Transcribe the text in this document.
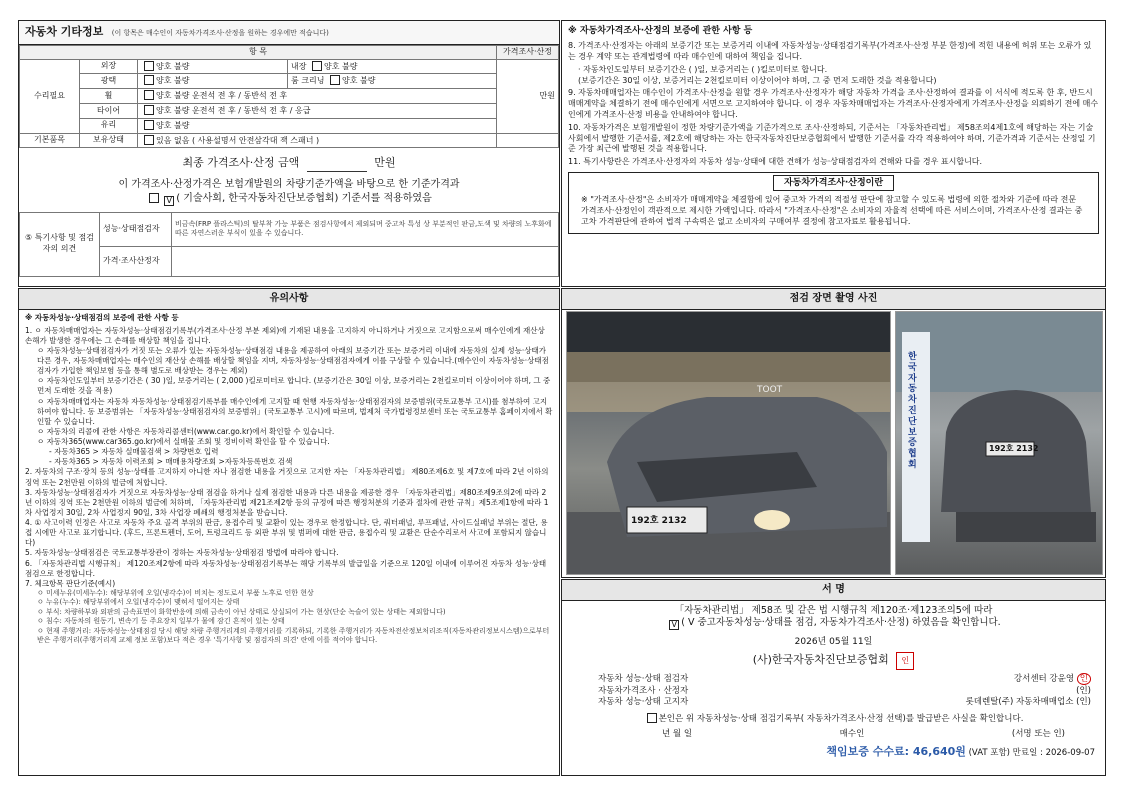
자동차 기타정보 (이 항목은 매수인이 자동차가격조사·산정을 원하는 경우에만 적습니다)
항 목				가격조사·산정
수리필요	외장	양호 불량	내장 양호 불량	만원
	광택	양호 불량	룸 크리닝 양호 불량	
	휠	양호 불량 운전석 전 후 / 동반석 전 후		
	타이어	양호 불량 운전석 전 후 / 동반석 전 후 / 응급		
	유리	양호 불량		
기본품목	보유상태	있음 없음 ( 사용설명서 안전삼각대 잭 스패너 )		
최종 가격조사·산정 금액	만원
이 가격조사·산정가격은 보험개발원의 차량기준가액을 바탕으로 한 기준가격과
V ( 기술사회, 한국자동차진단보증협회) 기준서를 적용하였음
⑤ 특기사항 및 점검자의 의견	성능·상태점검자	비금속(FRP 플라스틱)의 탈부착 가능 부품은 점검사항에서 제외되며 중고차 특성 상 부분적인 판금,도색 및 차량의 노후화에 따른 자연스러운 부식이 있을 수 있습니다.
	가격·조사산정자	
※ 자동차가격조사·산정의 보증에 관한 사항 등

8. 가격조사·산정자는 아래의 보증기간 또는 보증거리 이내에 자동차성능·상태점검기록부(가격조사·산정 부분 한정)에 적힌 내용에 허위 또는 오류가 있는 경우 계약 또는 관계법령에 따라 매수인에 대하여 책임을 집니다.

· 자동차인도일부터 보증기간은 ( )일, 보증거리는 ( )킬로미터로 합니다.

(보증기간은 30일 이상, 보증거리는 2천킬로미터 이상이어야 하며, 그 중 먼저 도래한 것을 적용합니다)

9. 자동차매매업자는 매수인이 가격조사·산정을 원할 경우 가격조사·산정자가 해당 자동차 가격을 조사·산정하여 결과를 이 서식에 적도록 한 후, 반드시 매매계약을 체결하기 전에 매수인에게 서면으로 고지하여야 합니다. 이 경우 자동차매매업자는 가격조사·산정자에게 가격조사·산정을 의뢰하기 전에 매수인에게 가격조사·산정 비용을 안내하여야 합니다.

10. 자동차가격은 보험개발원이 정한 차량기준가액을 기준가격으로 조사·산정하되, 기준서는 「자동차관리법」 제58조의4제1호에 해당하는 자는 기술사회에서 발행한 기준서를, 제2호에 해당하는 자는 한국자동차진단보증협회에서 발행한 기준서를 각각 적용하여야 하며, 기준가격과 기준서는 산정일 기준 가장 최근에 발행된 것을 적용합니다.

11. 특기사항란은 가격조사·산정자의 자동차 성능·상태에 대한 견해가 성능·상태점검자의 견해와 다를 경우 표시합니다.

자동차가격조사·산정이란

※ "가격조사·산정"은 소비자가 매매계약을 체결함에 있어 중고차 가격의 적절성 판단에 참고할 수 있도록 법령에 의한 절차와 기준에 따라 전문 가격조사·산정인이 객관적으로 제시한 가액입니다. 따라서 "가격조사·산정"은 소비자의 자율적 선택에 따른 서비스이며, 가격조사·산정 결과는 중고차 가격판단에 관하여 법적 구속력은 없고 소비자의 구매여부 결정에 참고자료로 활용됩니다.

유의사항
※ 자동차성능·상태점검의 보증에 관한 사항 등

1. ㅇ 자동차매매업자는 자동차성능·상태점검기록부(가격조사·산정 부분 제외)에 기재된 내용을 고지하지 아니하거나 거짓으로 고지함으로써 매수인에게 재산상 손해가 발생한 경우에는 그 손해를 배상할 책임을 집니다.

ㅇ 자동차성능·상태점검자가 거짓 또는 오류가 있는 자동차성능·상태점검 내용을 제공하여 아래의 보증기간 또는 보증거리 이내에 자동차의 실제 성능·상태가 다른 경우, 자동차매매업자는 매수인의 재산상 손해를 배상할 책임을 지며, 자동차성능·상태점검자에게 이를 구상할 수 있습니다.(매수인이 자동차성능·상태점검자가 가입한 책임보험 등을 통해 별도로 배상받는 경우는 제외)

ㅇ 자동차인도일부터 보증기간은 ( 30 )일, 보증거리는 ( 2,000 )킬로미터로 합니다. (보증기간은 30일 이상, 보증거리는 2천킬로미터 이상이어야 하며, 그 중 먼저 도래한 것을 적용)

ㅇ 자동차매매업자는 자동차 자동차성능·상태점검기록부를 매수인에게 고지할 때 현행 자동차성능·상태점검자의 보증범위(국토교통부 고시)를 첨부하여 고지하여야 합니다. 동 보증범위는 「자동차성능·상태점검자의 보증범위」(국토교통부 고시)에 따르며, 법제처 국가법령정보센터 또는 국토교통부 홈페이지에서 확인할 수 있습니다.

ㅇ 자동차의 리콜에 관한 사항은 자동차리콜센터(www.car.go.kr)에서 확인할 수 있습니다.

ㅇ 자동차365(www.car365.go.kr)에서 실매물 조회 및 정비이력 확인을 할 수 있습니다.

- 자동차365 > 자동차 실매물검색 > 차량번호 입력

- 자동차365 > 자동차 이력조회 > 매매용차량조회 >자동차등록번호 검색

2. 자동차의 구조·장치 등의 성능·상태를 고지하지 아니한 자나 점검한 내용을 거짓으로 고지한 자는 「자동차관리법」 제80조제6호 및 제7호에 따라 2년 이하의 징역 또는 2천만원 이하의 벌금에 처합니다.

3. 자동차성능·상태점검자가 거짓으로 자동차성능·상태 점검을 하거나 실제 점검한 내용과 다른 내용을 제공한 경우 「자동차관리법」제80조제9조의2에 따라 2년 이하의 징역 또는 2천만원 이하의 벌금에 처하며, 「자동차관리법 제21조제2항 등의 규정에 따른 행정처분의 기준과 절차에 관한 규칙」제5조제1항에 따라 1차 사업정지 30일, 2차 사업정지 90일, 3차 사업장 폐쇄의 행정처분을 받습니다.

4. ① 사고이력 인정은 사고로 자동차 주요 골격 부위의 판금, 용접수리 및 교환이 있는 경우로 한정합니다. 단, 쿼터패널, 루프패널, 사이드실패널 부위는 절단, 용접 시에만 사고로 표기합니다. (후드, 프론트펜더, 도어, 트렁크리드 등 외판 부위 및 범퍼에 대한 판금, 용접수리 및 교환은 단순수리로서 사고에 포함되지 않습니다)

5. 자동차성능·상태점검은 국토교통부장관이 정하는 자동차성능·상태점검 방법에 따라야 합니다.

6. 「자동차관리법 시행규칙」 제120조제2항에 따라 자동차성능·상태점검기록부는 해당 기록부의 발급일을 기준으로 120일 이내에 이루어진 자동차 성능·상태점검으로 한정합니다.

7. 체크항목 판단기준(예시)

ㅇ 미세누유(미세누수): 해당부위에 오일(냉각수)이 비치는 정도로서 부품 노후로 인한 현상

ㅇ 누유(누수): 해당부위에서 오일(냉각수)이 맺혀서 떨어지는 상태

ㅇ 부식: 차량하부와 외판의 금속표면이 화학반응에 의해 금속이 아닌 상태로 상실되어 가는 현상(단순 녹슬어 있는 상태는 제외합니다)

ㅇ 침수: 자동차의 원동기, 변속기 등 주요장치 일부가 물에 잠긴 흔적이 있는 상태

ㅇ 현재 주행거리: 자동차성능·상태점검 당시 해당 차량 주행거리계의 주행거리를 기록하되, 기록한 주행거리가 자동차전산정보처리조직(자동차관리정보시스템)으로부터 받은 주행거리(주행거리계 교체 정보 포함)보다 적은 경우 '특기사항 및 점검자의 의견' 란에 이를 적어야 합니다.

점검 장면 촬영 사진
192호 2132
TOOT
192호 2132
한국자동차진단보증협회
서 명
「자동차관리법」 제58조 및 같은 법 시행규칙 제120조·제123조의5에 따라
V ( V 중고자동차성능·상태를 점검, 자동차가격조사·산정) 하였음을 확인합니다.
2026년 05월 11일
(사)한국자동차진단보증협회 인
자동차 성능·상태 점검자	강서센터 강윤영 인
자동차가격조사 · 산정자	(인)
자동차 성능·상태 고지자	롯데렌탈(주) 자동차매매업소 (인)
본인은 위 자동차성능·상태 점검기록부( 자동차가격조사·산정 선택)를 발급받은 사실을 확인합니다.
년 월 일	매수인	(서명 또는 인)
책임보증 수수료: 46,640원 (VAT 포함) 만료일 : 2026-09-07
